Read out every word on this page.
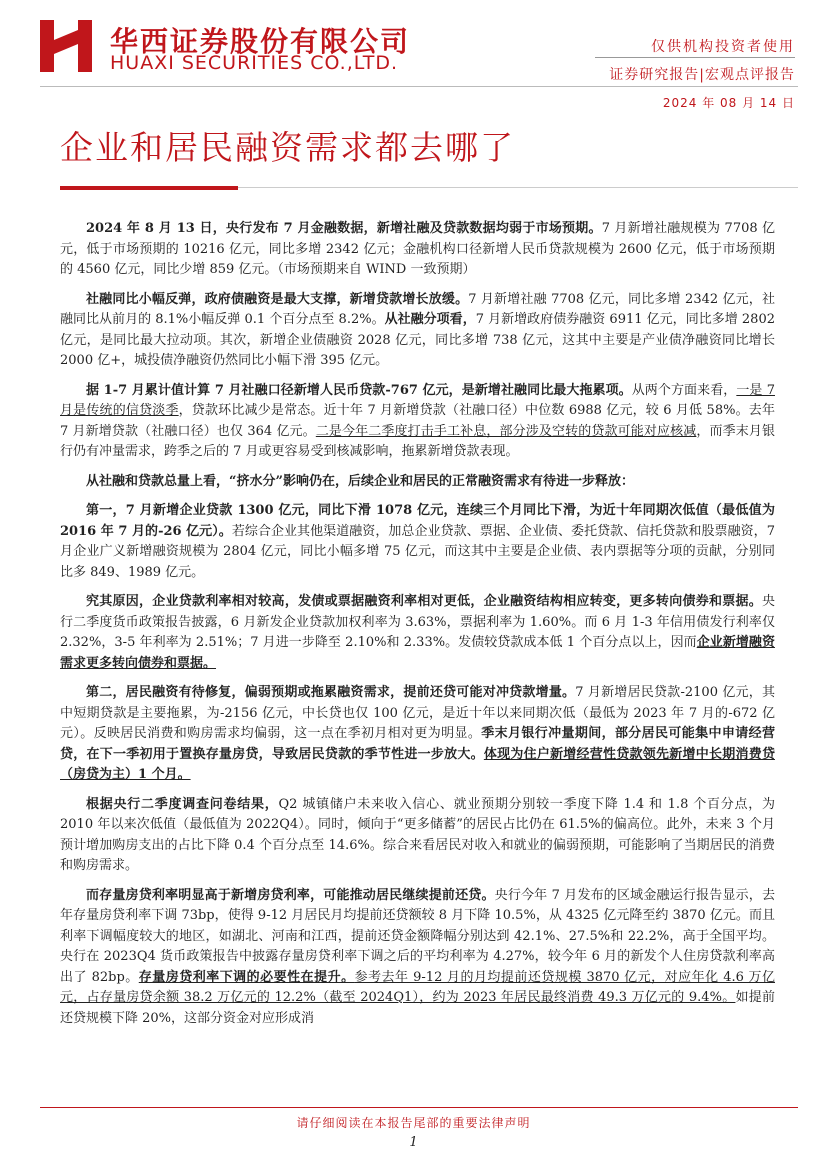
华西证券股份有限公司
HUAXI SECURITIES CO.,LTD.
仅供机构投资者使用
证券研究报告|宏观点评报告
2024 年 08 月 14 日
企业和居民融资需求都去哪了

2024 年 8 月 13 日，央行发布 7 月金融数据，新增社融及贷款数据均弱于市场预期。7 月新增社融规模为 7708 亿元，低于市场预期的 10216 亿元，同比多增 2342 亿元；金融机构口径新增人民币贷款规模为 2600 亿元，低于市场预期的 4560 亿元，同比少增 859 亿元。（市场预期来自 WIND 一致预期）

社融同比小幅反弹，政府债融资是最大支撑，新增贷款增长放缓。7 月新增社融 7708 亿元，同比多增 2342 亿元，社融同比从前月的 8.1%小幅反弹 0.1 个百分点至 8.2%。从社融分项看，7 月新增政府债券融资 6911 亿元，同比多增 2802 亿元，是同比最大拉动项。其次，新增企业债融资 2028 亿元，同比多增 738 亿元，这其中主要是产业债净融资同比增长 2000 亿+，城投债净融资仍然同比小幅下滑 395 亿元。

据 1-7 月累计值计算 7 月社融口径新增人民币贷款-767 亿元，是新增社融同比最大拖累项。从两个方面来看，一是 7 月是传统的信贷淡季，贷款环比减少是常态。近十年 7 月新增贷款（社融口径）中位数 6988 亿元，较 6 月低 58%。去年 7 月新增贷款（社融口径）也仅 364 亿元。二是今年二季度打击手工补息，部分涉及空转的贷款可能对应核减，而季末月银行仍有冲量需求，跨季之后的 7 月或更容易受到核减影响，拖累新增贷款表现。

从社融和贷款总量上看，“挤水分”影响仍在，后续企业和居民的正常融资需求有待进一步释放：

第一，7 月新增企业贷款 1300 亿元，同比下滑 1078 亿元，连续三个月同比下滑，为近十年同期次低值（最低值为 2016 年 7 月的-26 亿元）。若综合企业其他渠道融资，加总企业贷款、票据、企业债、委托贷款、信托贷款和股票融资，7 月企业广义新增融资规模为 2804 亿元，同比小幅多增 75 亿元，而这其中主要是企业债、表内票据等分项的贡献，分别同比多 849、1989 亿元。

究其原因，企业贷款利率相对较高，发债或票据融资利率相对更低，企业融资结构相应转变，更多转向债券和票据。央行二季度货币政策报告披露，6 月新发企业贷款加权利率为 3.63%，票据利率为 1.60%。而 6 月 1-3 年信用债发行利率仅 2.32%，3-5 年利率为 2.51%；7 月进一步降至 2.10%和 2.33%。发债较贷款成本低 1 个百分点以上，因而企业新增融资需求更多转向债券和票据。

第二，居民融资有待修复，偏弱预期或拖累融资需求，提前还贷可能对冲贷款增量。7 月新增居民贷款-2100 亿元，其中短期贷款是主要拖累，为-2156 亿元，中长贷也仅 100 亿元，是近十年以来同期次低（最低为 2023 年 7 月的-672 亿元）。反映居民消费和购房需求均偏弱，这一点在季初月相对更为明显。季末月银行冲量期间，部分居民可能集中申请经营贷，在下一季初用于置换存量房贷，导致居民贷款的季节性进一步放大。体现为住户新增经营性贷款领先新增中长期消费贷（房贷为主）1 个月。

根据央行二季度调查问卷结果，Q2 城镇储户未来收入信心、就业预期分别较一季度下降 1.4 和 1.8 个百分点，为 2010 年以来次低值（最低值为 2022Q4）。同时，倾向于“更多储蓄”的居民占比仍在 61.5%的偏高位。此外，未来 3 个月预计增加购房支出的占比下降 0.4 个百分点至 14.6%。综合来看居民对收入和就业的偏弱预期，可能影响了当期居民的消费和购房需求。

而存量房贷利率明显高于新增房贷利率，可能推动居民继续提前还贷。央行今年 7 月发布的区域金融运行报告显示，去年存量房贷利率下调 73bp，使得 9-12 月居民月均提前还贷额较 8 月下降 10.5%，从 4325 亿元降至约 3870 亿元。而且利率下调幅度较大的地区，如湖北、河南和江西，提前还贷金额降幅分别达到 42.1%、27.5%和 22.2%，高于全国平均。央行在 2023Q4 货币政策报告中披露存量房贷利率下调之后的平均利率为 4.27%，较今年 6 月的新发个人住房贷款利率高出了 82bp。存量房贷利率下调的必要性在提升。参考去年 9-12 月的月均提前还贷规模 3870 亿元，对应年化 4.6 万亿元，占存量房贷余额 38.2 万亿元的 12.2%（截至 2024Q1），约为 2023 年居民最终消费 49.3 万亿元的 9.4%。如提前还贷规模下降 20%，这部分资金对应形成消

请仔细阅读在本报告尾部的重要法律声明
1
